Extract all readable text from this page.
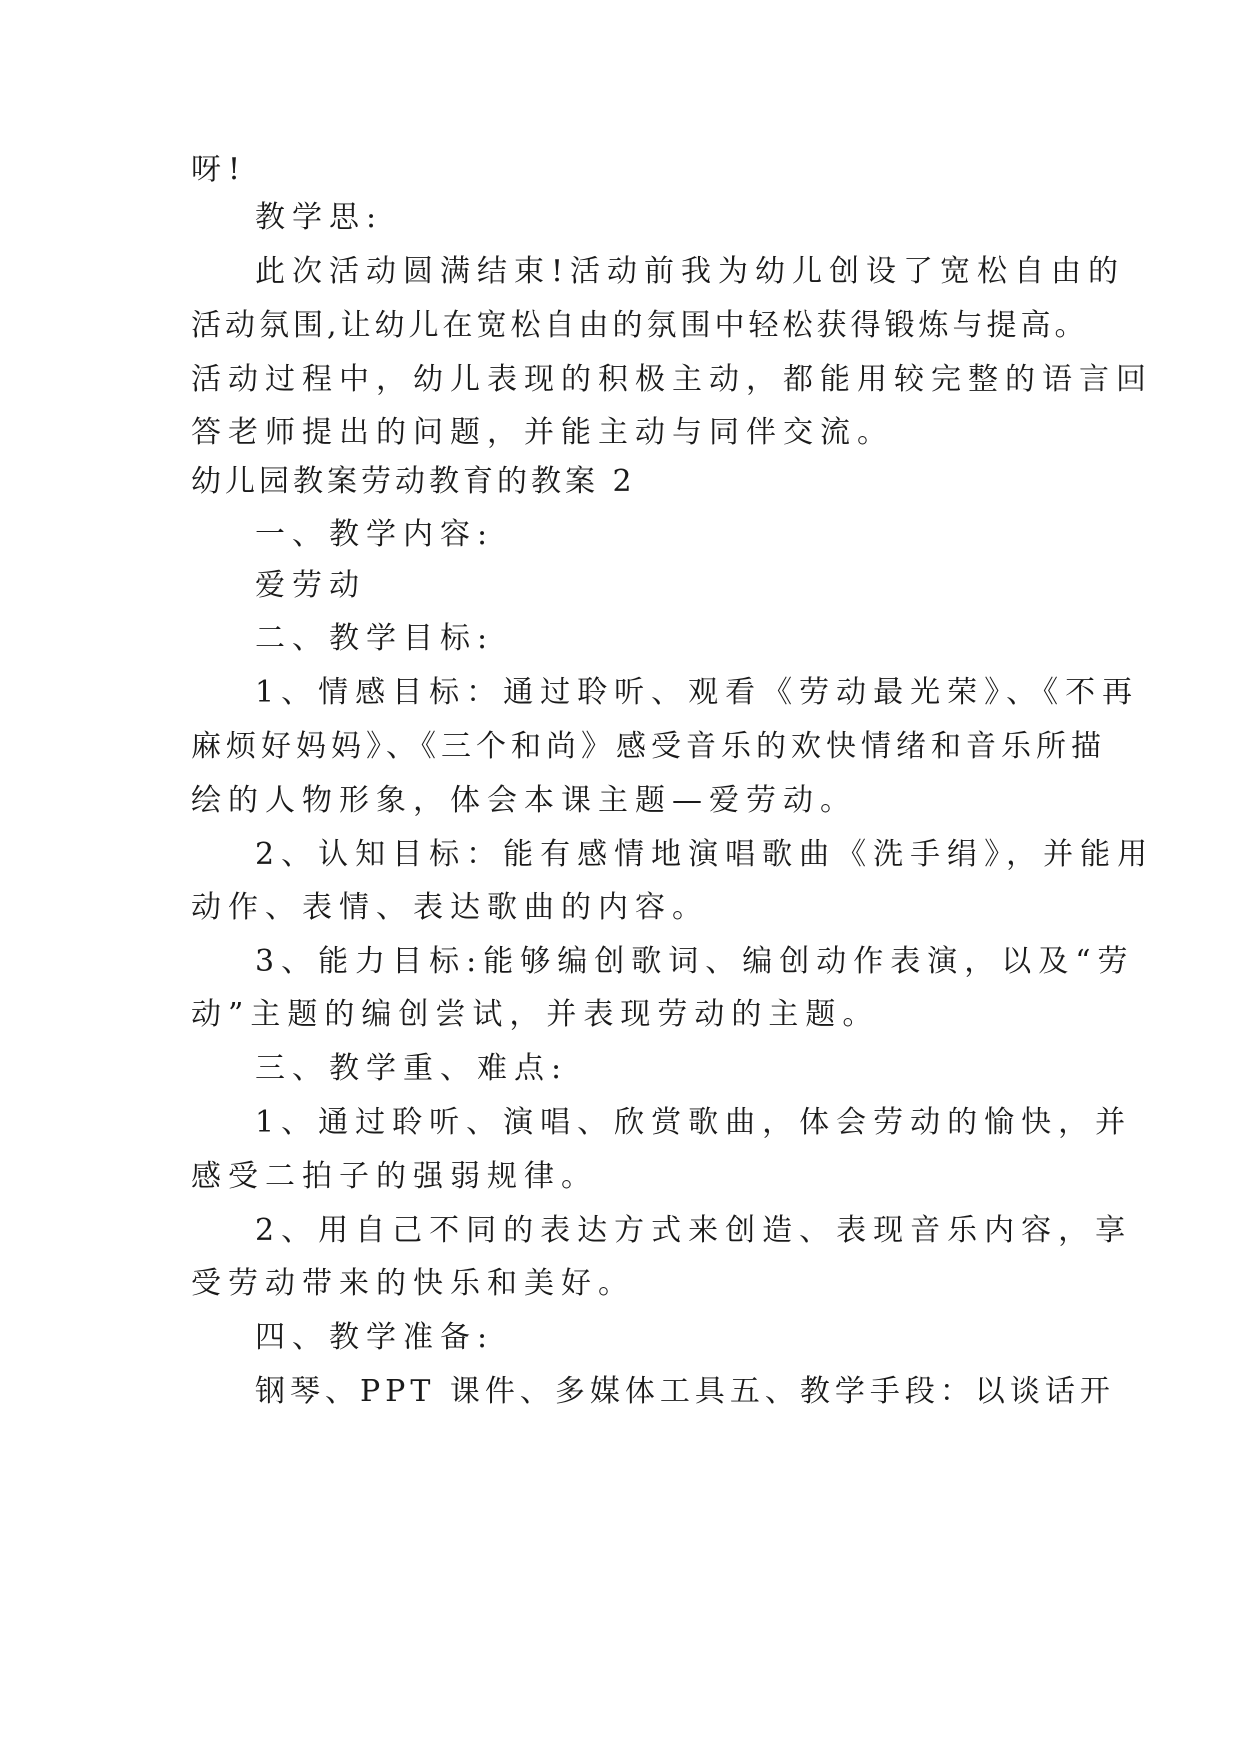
呀!
教学思:
此次活动圆满结束!活动前我为幼儿创设了宽松自由的
活动氛围,让幼儿在宽松自由的氛围中轻松获得锻炼与提高。
活动过程中，幼儿表现的积极主动，都能用较完整的语言回
答老师提出的问题，并能主动与同伴交流。
幼儿园教案劳动教育的教案 2
一、教学内容:
爱劳动
二、教学目标:
1、情感目标：通过聆听、观看《劳动最光荣》、《不再
麻烦好妈妈》、《三个和尚》感受音乐的欢快情绪和音乐所描
绘的人物形象，体会本课主题—爱劳动。
2、认知目标：能有感情地演唱歌曲《洗手绢》，并能用
动作、表情、表达歌曲的内容。
3、能力目标:能够编创歌词、编创动作表演，以及“劳
动”主题的编创尝试，并表现劳动的主题。
三、教学重、难点:
1、通过聆听、演唱、欣赏歌曲，体会劳动的愉快，并
感受二拍子的强弱规律。
2、用自己不同的表达方式来创造、表现音乐内容，享
受劳动带来的快乐和美好。
四、教学准备:
钢琴、PPT 课件、多媒体工具五、教学手段：以谈话开
